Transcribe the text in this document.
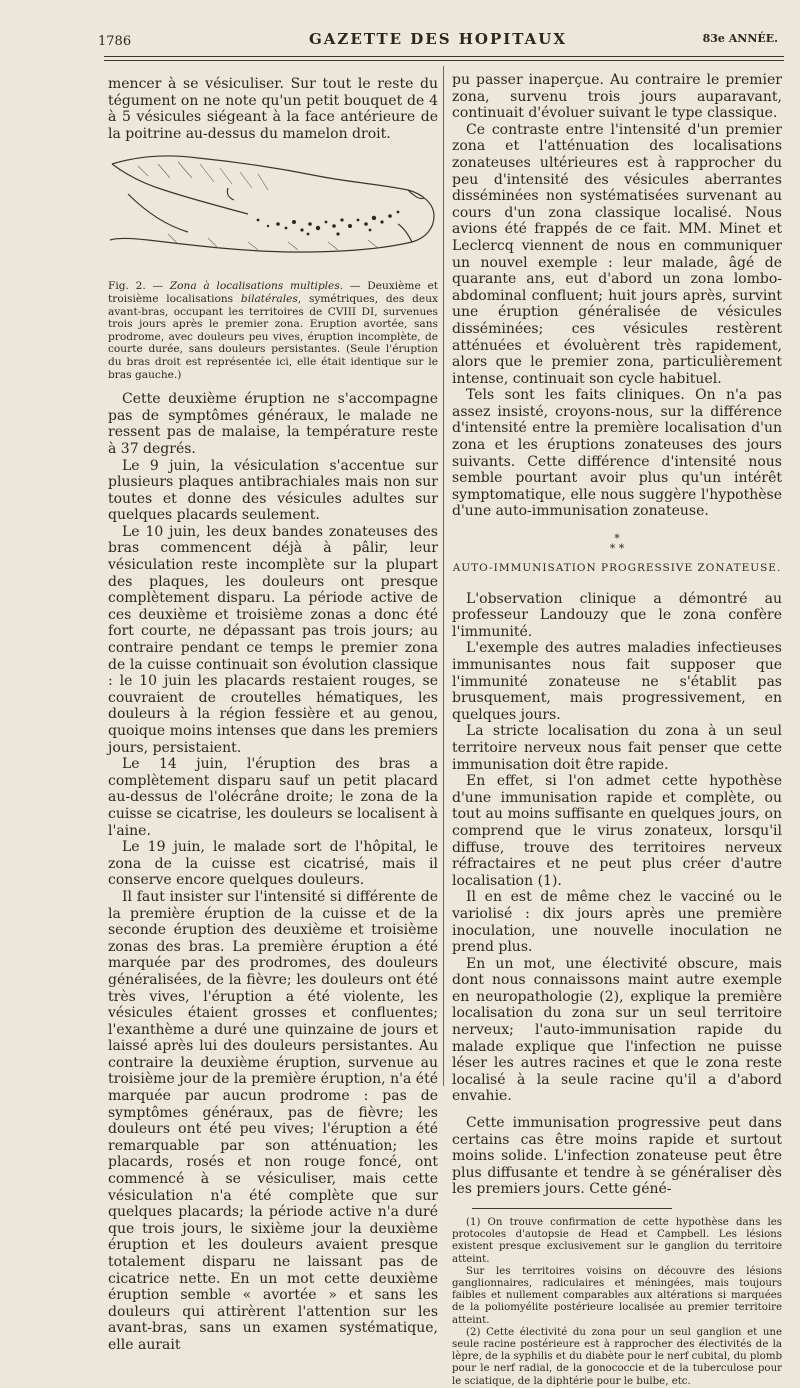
1786	GAZETTE DES HOPITAUX	83e ANNÉE.

mencer à se vésiculiser. Sur tout le reste du tégument on ne note qu'un petit bouquet de 4 à 5 vésicules siégeant à la face antérieure de la poitrine au-dessus du mamelon droit.

Fig. 2. — Zona à localisations multiples. — Deuxième et troisième localisations bilatérales, symétriques, des deux avant-bras, occupant les territoires de CVIII DI, survenues trois jours après le premier zona. Eruption avortée, sans prodrome, avec douleurs peu vives, éruption incomplète, de courte durée, sans douleurs persistantes. (Seule l'éruption du bras droit est représentée ici, elle était identique sur le bras gauche.)

Cette deuxième éruption ne s'accompagne pas de symptômes généraux, le malade ne ressent pas de malaise, la température reste à 37 degrés.

Le 9 juin, la vésiculation s'accentue sur plusieurs plaques antibrachiales mais non sur toutes et donne des vésicules adultes sur quelques placards seulement.

Le 10 juin, les deux bandes zonateuses des bras commencent déjà à pâlir, leur vésiculation reste incomplète sur la plupart des plaques, les douleurs ont presque complètement disparu. La période active de ces deuxième et troisième zonas a donc été fort courte, ne dépassant pas trois jours; au contraire pendant ce temps le premier zona de la cuisse continuait son évolution classique : le 10 juin les placards restaient rouges, se couvraient de croutelles hématiques, les douleurs à la région fessière et au genou, quoique moins intenses que dans les premiers jours, persistaient.

Le 14 juin, l'éruption des bras a complètement disparu sauf un petit placard au-dessus de l'olécrâne droite; le zona de la cuisse se cicatrise, les douleurs se localisent à l'aine.

Le 19 juin, le malade sort de l'hôpital, le zona de la cuisse est cicatrisé, mais il conserve encore quelques douleurs.

Il faut insister sur l'intensité si différente de la première éruption de la cuisse et de la seconde éruption des deuxième et troisième zonas des bras. La première éruption a été marquée par des prodromes, des douleurs généralisées, de la fièvre; les douleurs ont été très vives, l'éruption a été violente, les vésicules étaient grosses et confluentes; l'exanthème a duré une quinzaine de jours et laissé après lui des douleurs persistantes. Au contraire la deuxième éruption, survenue au troisième jour de la première éruption, n'a été marquée par aucun prodrome : pas de symptômes généraux, pas de fièvre; les douleurs ont été peu vives; l'éruption a été remarquable par son atténuation; les placards, rosés et non rouge foncé, ont commencé à se vésiculiser, mais cette vésiculation n'a été complète que sur quelques placards; la période active n'a duré que trois jours, le sixième jour la deuxième éruption et les douleurs avaient presque totalement disparu ne laissant pas de cicatrice nette. En un mot cette deuxième éruption semble « avortée » et sans les douleurs qui attirèrent l'attention sur les avant-bras, sans un examen systématique, elle aurait

pu passer inaperçue. Au contraire le premier zona, survenu trois jours auparavant, continuait d'évoluer suivant le type classique.

Ce contraste entre l'intensité d'un premier zona et l'atténuation des localisations zonateuses ultérieures est à rapprocher du peu d'intensité des vésicules aberrantes disséminées non systématisées survenant au cours d'un zona classique localisé. Nous avions été frappés de ce fait. MM. Minet et Leclercq viennent de nous en communiquer un nouvel exemple : leur malade, âgé de quarante ans, eut d'abord un zona lombo-abdominal confluent; huit jours après, survint une éruption généralisée de vésicules disséminées; ces vésicules restèrent atténuées et évoluèrent très rapidement, alors que le premier zona, particulièrement intense, continuait son cycle habituel.

Tels sont les faits cliniques. On n'a pas assez insisté, croyons-nous, sur la différence d'intensité entre la première localisation d'un zona et les éruptions zonateuses des jours suivants. Cette différence d'intensité nous semble pourtant avoir plus qu'un intérêt symptomatique, elle nous suggère l'hypothèse d'une auto-immunisation zonateuse.

*
* *
AUTO-IMMUNISATION PROGRESSIVE ZONATEUSE.

L'observation clinique a démontré au professeur Landouzy que le zona confère l'immunité.

L'exemple des autres maladies infectieuses immunisantes nous fait supposer que l'immunité zonateuse ne s'établit pas brusquement, mais progressivement, en quelques jours.

La stricte localisation du zona à un seul territoire nerveux nous fait penser que cette immunisation doit être rapide.

En effet, si l'on admet cette hypothèse d'une immunisation rapide et complète, ou tout au moins suffisante en quelques jours, on comprend que le virus zonateux, lorsqu'il diffuse, trouve des territoires nerveux réfractaires et ne peut plus créer d'autre localisation (1).

Il en est de même chez le vacciné ou le variolisé : dix jours après une première inoculation, une nouvelle inoculation ne prend plus.

En un mot, une électivité obscure, mais dont nous connaissons maint autre exemple en neuropathologie (2), explique la première localisation du zona sur un seul territoire nerveux; l'auto-immunisation rapide du malade explique que l'infection ne puisse léser les autres racines et que le zona reste localisé à la seule racine qu'il a d'abord envahie.

Cette immunisation progressive peut dans certains cas être moins rapide et surtout moins solide. L'infection zonateuse peut être plus diffusante et tendre à se généraliser dès les premiers jours. Cette géné-

(1) On trouve confirmation de cette hypothèse dans les protocoles d'autopsie de Head et Campbell. Les lésions existent presque exclusivement sur le ganglion du territoire atteint.

Sur les territoires voisins on découvre des lésions ganglionnaires, radiculaires et méningées, mais toujours faibles et nullement comparables aux altérations si marquées de la poliomyélite postérieure localisée au premier territoire atteint.

(2) Cette électivité du zona pour un seul ganglion et une seule racine postérieure est à rapprocher des électivités de la lèpre, de la syphilis et du diabète pour le nerf cubital, du plomb pour le nerf radial, de la gonococcie et de la tuberculose pour le sciatique, de la diphtérie pour le bulbe, etc.
